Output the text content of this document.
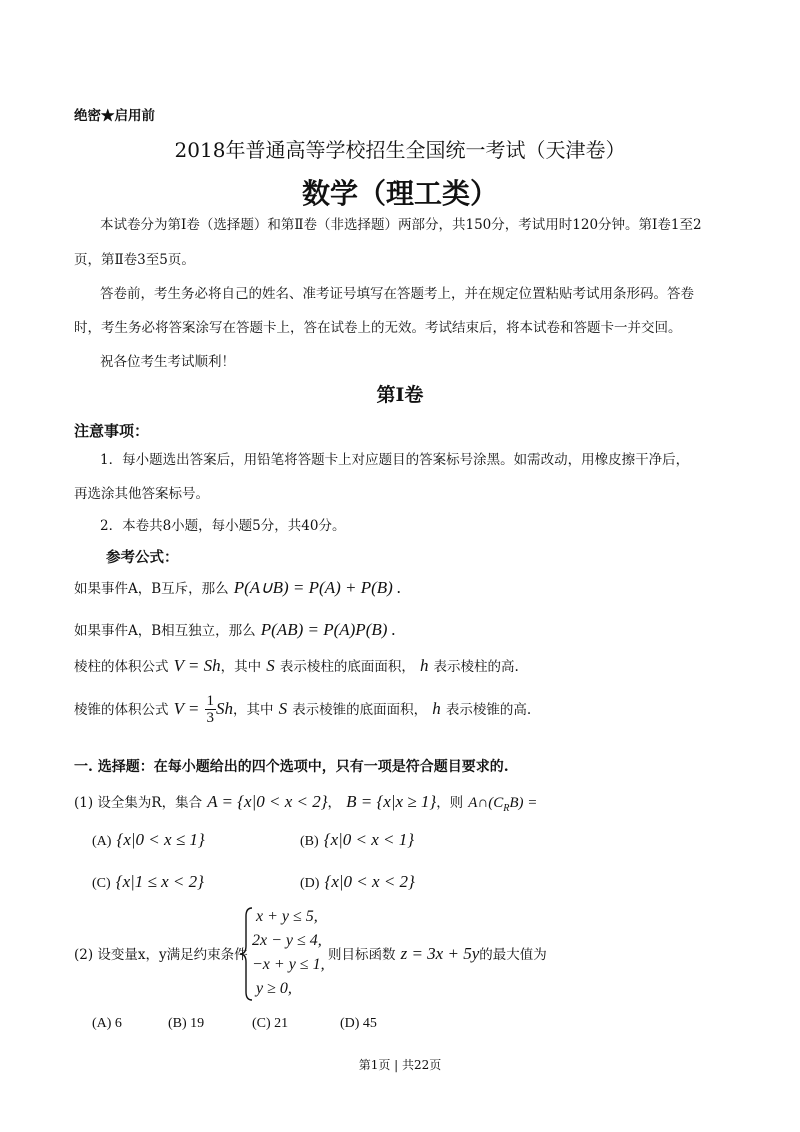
绝密★启用前
2018年普通高等学校招生全国统一考试（天津卷）
数学（理工类）
本试卷分为第I卷（选择题）和第Ⅱ卷（非选择题）两部分，共150分，考试用时120分钟。第I卷1至2
页，第Ⅱ卷3至5页。
答卷前，考生务必将自己的姓名、准考证号填写在答题考上，并在规定位置粘贴考试用条形码。答卷
时，考生务必将答案涂写在答题卡上，答在试卷上的无效。考试结束后，将本试卷和答题卡一并交回。
祝各位考生考试顺利！
第I卷
注意事项：
1．每小题选出答案后，用铅笔将答题卡上对应题目的答案标号涂黑。如需改动，用橡皮擦干净后，
再选涂其他答案标号。
2．本卷共8小题，每小题5分，共40分。
参考公式：
如果事件A，B互斥，那么 P(A∪B) = P(A) + P(B) .
如果事件A，B相互独立，那么 P(AB) = P(A)P(B) .
棱柱的体积公式 V = Sh，其中 S 表示棱柱的底面面积， h 表示棱柱的高.
棱锥的体积公式 $V = \frac{1}{3}$ Sh，其中 S 表示棱锥的底面面积， h 表示棱锥的高.
一. 选择题：在每小题给出的四个选项中，只有一项是符合题目要求的.
(1) 设全集为R，集合 A = {x|0 < x < 2}， B = {x|x ≥ 1}，则 $A\cap(C_RB)$ =
(A) {x|0 < x ≤ 1}	(B) {x|0 < x < 1}
(C) {x|1 ≤ x < 2}	(D) {x|0 < x < 2}
(2) 设变量x，y满足约束条件
x + y ≤ 5,
2x − y ≤ 4,
−x + y ≤ 1,
y ≥ 0,
则目标函数 z = 3x + 5y的最大值为
(A) 6	(B) 19	(C) 21	(D) 45
第1页 | 共22页
